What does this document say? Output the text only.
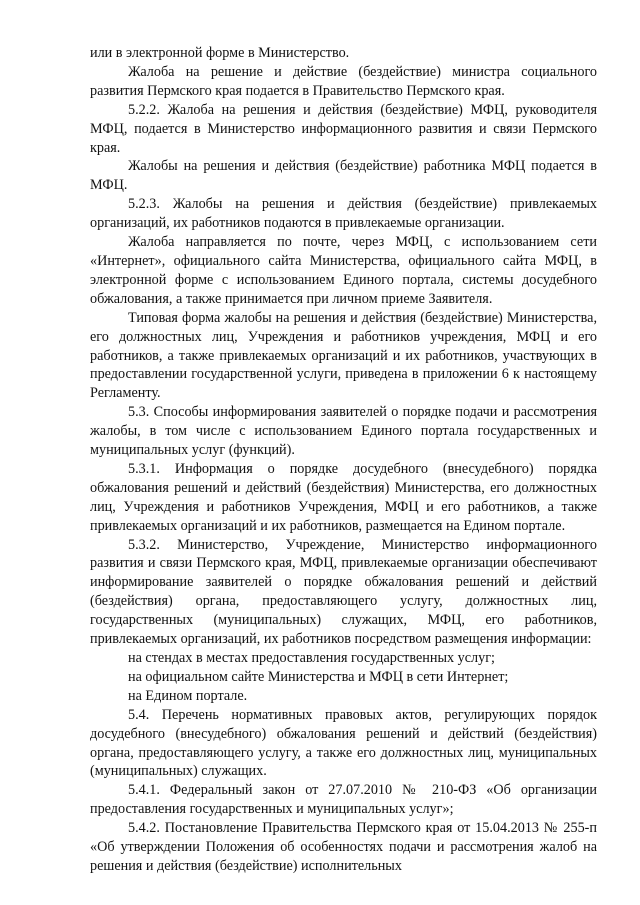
или в электронной форме в Министерство.

Жалоба на решение и действие (бездействие) министра социального развития Пермского края подается в Правительство Пермского края.

5.2.2. Жалоба на решения и действия (бездействие) МФЦ, руководителя МФЦ, подается в Министерство информационного развития и связи Пермского края.

Жалобы на решения и действия (бездействие) работника МФЦ подается в МФЦ.

5.2.3. Жалобы на решения и действия (бездействие) привлекаемых организаций, их работников подаются в привлекаемые организации.

Жалоба направляется по почте, через МФЦ, с использованием сети «Интернет», официального сайта Министерства, официального сайта МФЦ, в электронной форме с использованием Единого портала, системы досудебного обжалования, а также принимается при личном приеме Заявителя.

Типовая форма жалобы на решения и действия (бездействие) Министерства, его должностных лиц, Учреждения и работников учреждения, МФЦ и его работников, а также привлекаемых организаций и их работников, участвующих в предоставлении государственной услуги, приведена в приложении 6 к настоящему Регламенту.

5.3. Способы информирования заявителей о порядке подачи и рассмотрения жалобы, в том числе с использованием Единого портала государственных и муниципальных услуг (функций).

5.3.1. Информация о порядке досудебного (внесудебного) порядка обжалования решений и действий (бездействия) Министерства, его должностных лиц, Учреждения и работников Учреждения, МФЦ и его работников, а также привлекаемых организаций и их работников, размещается на Едином портале.

5.3.2. Министерство, Учреждение, Министерство информационного развития и связи Пермского края, МФЦ, привлекаемые организации обеспечивают информирование заявителей о порядке обжалования решений и действий (бездействия) органа, предоставляющего услугу, должностных лиц, государственных (муниципальных) служащих, МФЦ, его работников, привлекаемых организаций, их работников посредством размещения информации:

на стендах в местах предоставления государственных услуг;

на официальном сайте Министерства и МФЦ в сети Интернет;

на Едином портале.

5.4. Перечень нормативных правовых актов, регулирующих порядок досудебного (внесудебного) обжалования решений и действий (бездействия) органа, предоставляющего услугу, а также его должностных лиц, муниципальных (муниципальных) служащих.

5.4.1. Федеральный закон от 27.07.2010 № 210-ФЗ «Об организации предоставления государственных и муниципальных услуг»;

5.4.2. Постановление Правительства Пермского края от 15.04.2013 № 255-п «Об утверждении Положения об особенностях подачи и рассмотрения жалоб на решения и действия (бездействие) исполнительных
